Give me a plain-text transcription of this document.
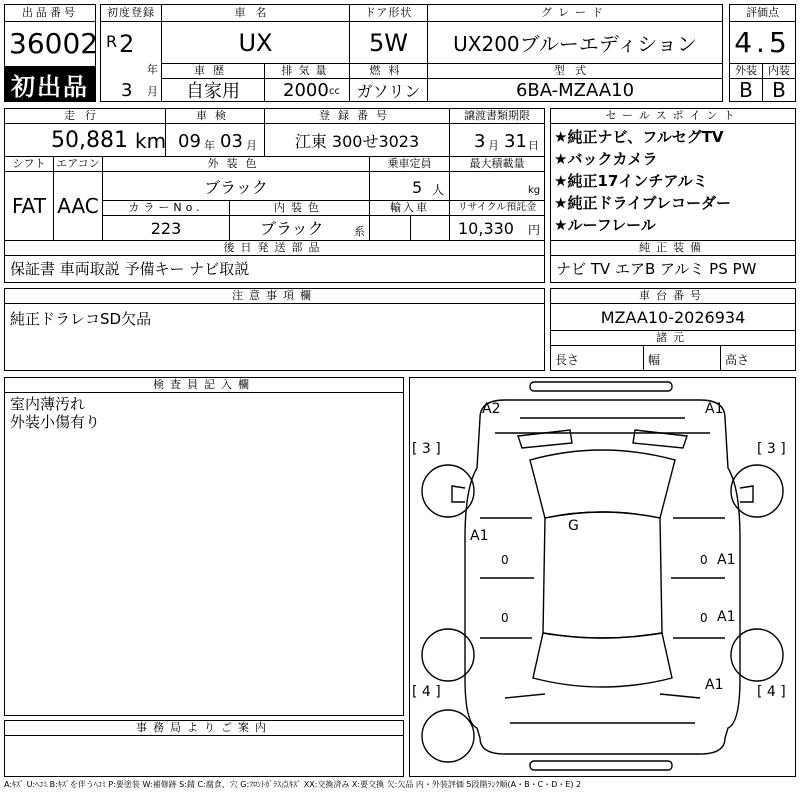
出品番号
36002
初出品
初度登録
R 2
年
3 月
車名
UX
ドア形状
5W
グレード
UX200ブルーエディション
車歴
自家用
排気量
2000 cc
燃料
ガソリン
型式
6BA-MZAA10
評価点
4.5
外装	内装
B B
走行
50,881 km
車検
09 年 03 月
登録番号
江東 300せ3023
譲渡書類期限
3 月 31 日
シフト
FAT
エアコン
AAC
外装色
ブラック
乗車定員
5 人
最大積載量
kg
カラーNo.
223
内装色
ブラック	系
輸入車	リサイクル預託金
10,330 円
セールスポイント
★純正ナビ、フルセグTV
★バックカメラ
★純正17インチアルミ
★純正ドライブレコーダー
★ルーフレール
後日発送部品
保証書 車両取説 予備キー ナビ取説
純正装備
ナビ TV エアB アルミ PS PW
注意事項欄
純正ドラレコSD欠品
車台番号
MZAA10-2026934
諸元
長さ	幅	高さ
検査員記入欄
室内薄汚れ
外装小傷有り
事務局よりご案内
A2	A1
[ 3 ]	[ 3 ]
[ 4 ]	[ 4 ]
A1
A1
A1
A1
G
0
0
0
0
A:ｷｽﾞ U:ﾍｺﾐ B:ｷｽﾞを伴うﾍｺﾐ P:要塗装 W:補修跡 S:錆 C:腐食、穴 G:ﾌﾛﾝﾄｶﾞﾗｽ点ｷｽﾞ XX:交換済み X:要交換 欠:欠品 内・外装評価 5段階ﾗﾝｸ順(A・B・C・D・E) 2
